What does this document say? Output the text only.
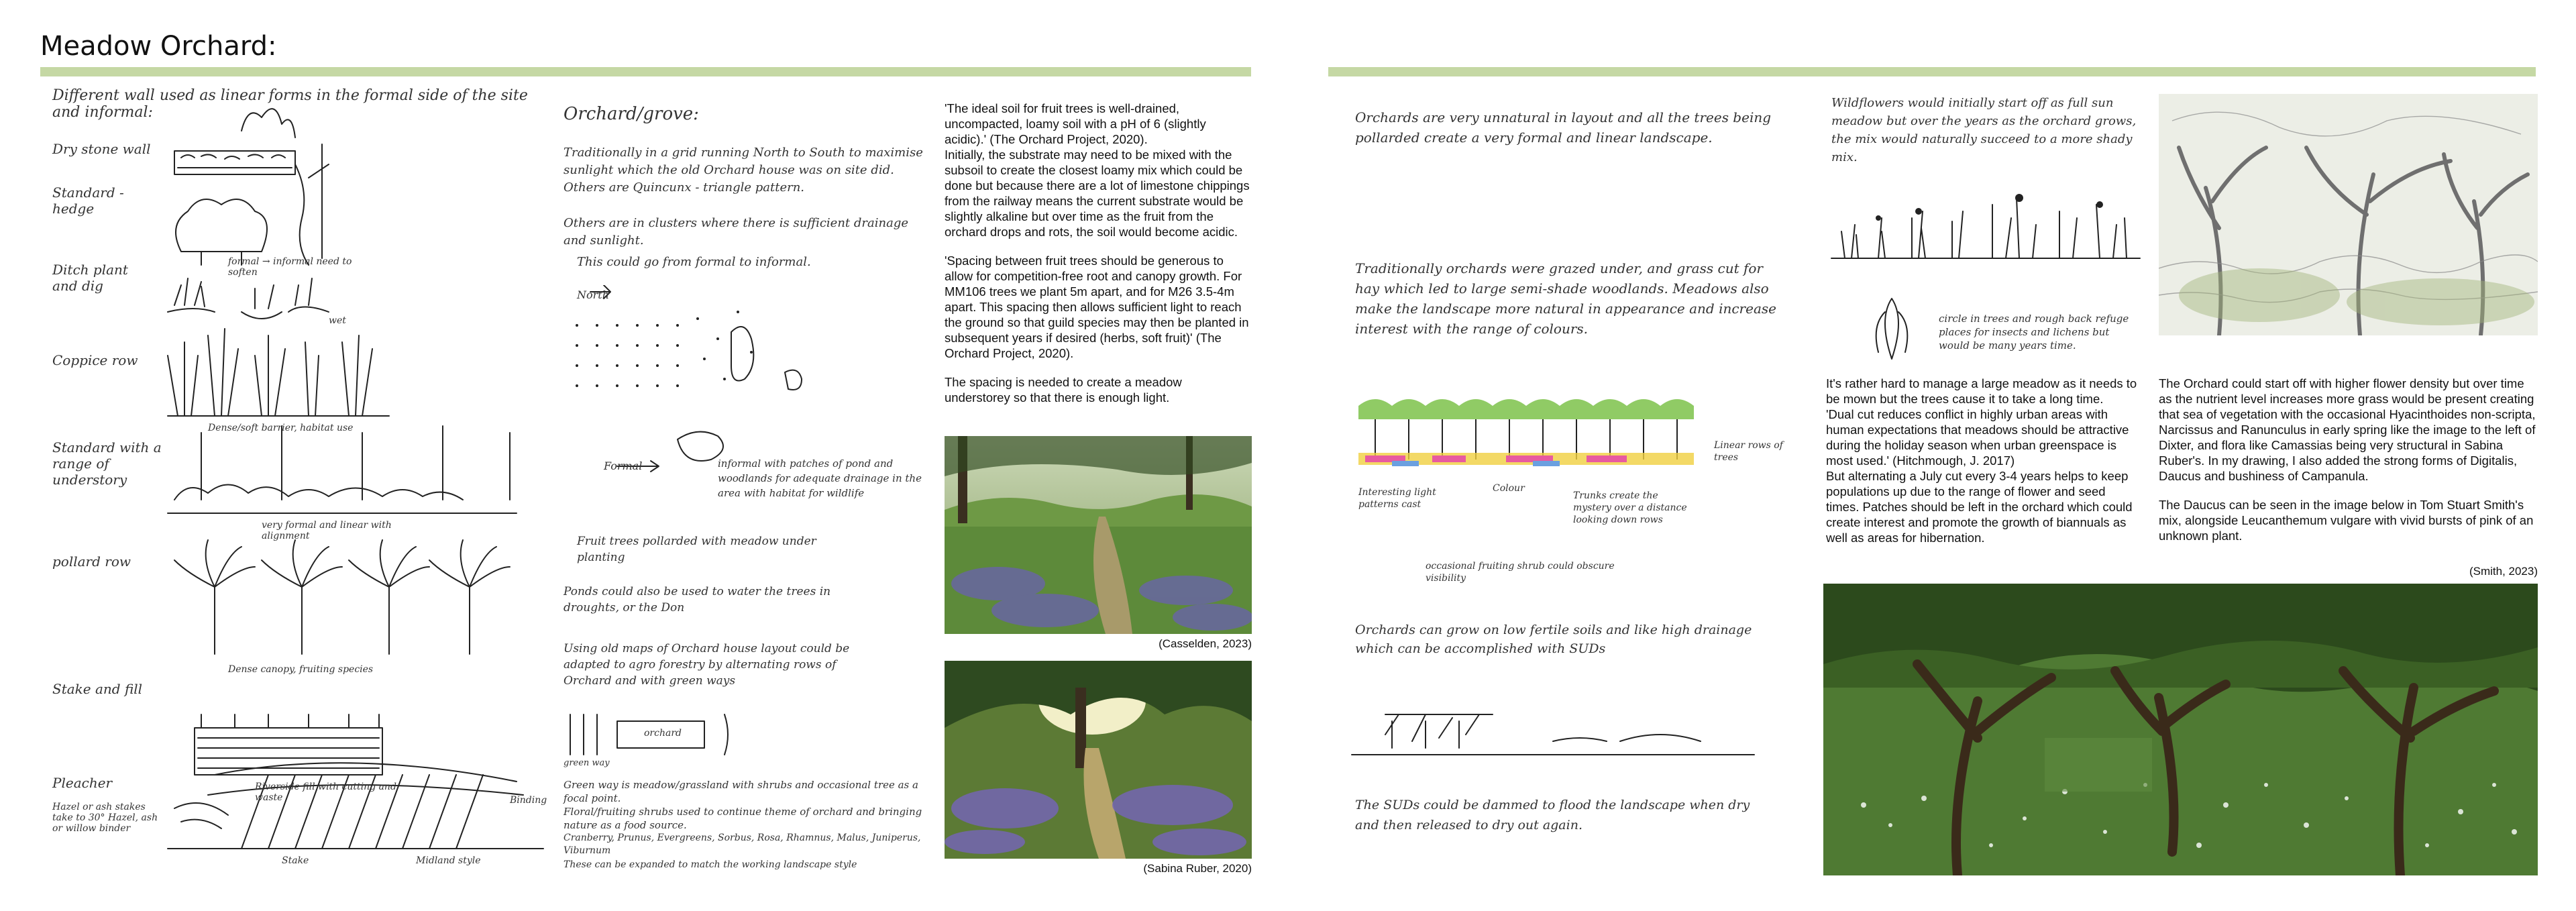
Meadow Orchard:
Different wall used as linear forms in the formal side of the site and informal:
Dry stone wall
Standard - hedge
Ditch plant and dig
Coppice row
Standard with a range of understory
pollard row
Stake and fill
Pleacher
formal → informal need to soften
wet
Dense/soft barrier, habitat use
very formal and linear with alignment
Dense canopy, fruiting species
Riverside fill with cutting and waste
Hazel or ash stakes take to 30° Hazel, ash or willow binder
Stake	Midland style
Binding
Orchard/grove:
Traditionally in a grid running North to South to maximise sunlight which the old Orchard house was on site did. Others are Quincunx - triangle pattern.
Others are in clusters where there is sufficient drainage and sunlight.
This could go from formal to informal.
North
Formal	informal with patches of pond and woodlands for adequate drainage in the area with habitat for wildlife
Fruit trees pollarded with meadow under planting
Ponds could also be used to water the trees in droughts, or the Don
Using old maps of Orchard house layout could be adapted to agro forestry by alternating rows of Orchard and with green ways
orchard
green way
Green way is meadow/grassland with shrubs and occasional tree as a focal point.
Floral/fruiting shrubs used to continue theme of orchard and bringing nature as a food source.
Cranberry, Prunus, Evergreens, Sorbus, Rosa, Rhamnus, Malus, Juniperus, Viburnum
These can be expanded to match the working landscape style

'The ideal soil for fruit trees is well-drained, uncompacted, loamy soil with a pH of 6 (slightly acidic).' (The Orchard Project, 2020).
Initially, the substrate may need to be mixed with the subsoil to create the closest loamy mix which could be done but because there are a lot of limestone chippings from the railway means the current substrate would be slightly alkaline but over time as the fruit from the orchard drops and rots, the soil would become acidic.

'Spacing between fruit trees should be generous to allow for competition-free root and canopy growth. For MM106 trees we plant 5m apart, and for M26 3.5-4m apart. This spacing then allows sufficient light to reach the ground so that guild species may then be planted in subsequent years if desired (herbs, soft fruit)' (The Orchard Project, 2020).

The spacing is needed to create a meadow understorey so that there is enough light.

(Casselden, 2023)
(Sabina Ruber, 2020)
Orchards are very unnatural in layout and all the trees being pollarded create a very formal and linear landscape.
Traditionally orchards were grazed under, and grass cut for hay which led to large semi-shade woodlands. Meadows also make the landscape more natural in appearance and increase interest with the range of colours.
Interesting light patterns cast
Colour
Trunks create the mystery over a distance looking down rows
Linear rows of trees
occasional fruiting shrub could obscure visibility
Orchards can grow on low fertile soils and like high drainage which can be accomplished with SUDs
The SUDs could be dammed to flood the landscape when dry and then released to dry out again.
Wildflowers would initially start off as full sun meadow but over the years as the orchard grows, the mix would naturally succeed to a more shady mix.
circle in trees and rough back refuge places for insects and lichens but would be many years time.

It's rather hard to manage a large meadow as it needs to be mown but the trees cause it to take a long time.
'Dual cut reduces conflict in highly urban areas with human expectations that meadows should be attractive during the holiday season when urban greenspace is most used.' (Hitchmough, J. 2017)
But alternating a July cut every 3-4 years helps to keep populations up due to the range of flower and seed times. Patches should be left in the orchard which could create interest and promote the growth of biannuals as well as areas for hibernation.

The Orchard could start off with higher flower density but over time as the nutrient level increases more grass would be present creating that sea of vegetation with the occasional Hyacinthoides non-scripta, Narcissus and Ranunculus in early spring like the image to the left of Dixter, and flora like Camassias being very structural in Sabina Ruber's. In my drawing, I also added the strong forms of Digitalis, Daucus and bushiness of Campanula.

The Daucus can be seen in the image below in Tom Stuart Smith's mix, alongside Leucanthemum vulgare with vivid bursts of pink of an unknown plant.

(Smith, 2023)
